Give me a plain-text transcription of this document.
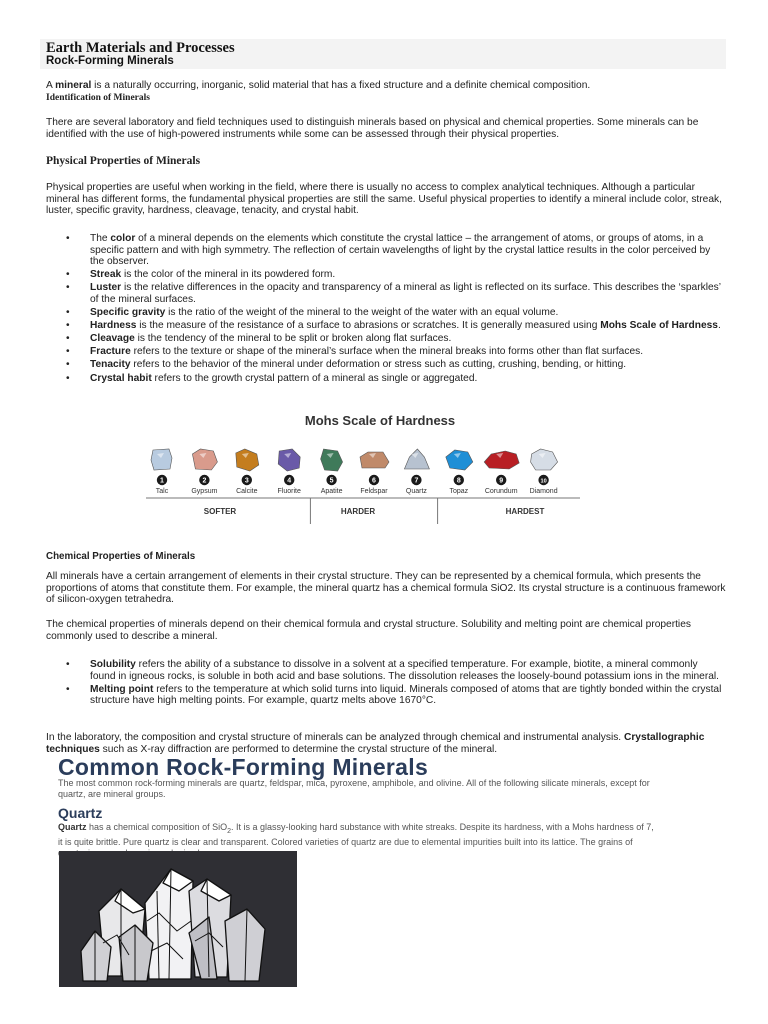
Earth Materials and Processes
Rock-Forming Minerals

A mineral is a naturally occurring, inorganic, solid material that has a fixed structure and a definite chemical composition.

Identification of Minerals

There are several laboratory and field techniques used to distinguish minerals based on physical and chemical properties. Some minerals can be identified with the use of high-powered instruments while some can be assessed through their physical properties.

Physical Properties of Minerals

Physical properties are useful when working in the field, where there is usually no access to complex analytical techniques. Although a particular mineral has different forms, the fundamental physical properties are still the same. Useful physical properties to identify a mineral include color, streak, luster, specific gravity, hardness, cleavage, tenacity, and crystal habit.

• The color of a mineral depends on the elements which constitute the crystal lattice – the arrangement of atoms, or groups of atoms, in a specific pattern and with high symmetry. The reflection of certain wavelengths of light by the crystal lattice results in the color perceived by the observer.
• Streak is the color of the mineral in its powdered form.
• Luster is the relative differences in the opacity and transparency of a mineral as light is reflected on its surface. This describes the ‘sparkles’ of the mineral surfaces.
• Specific gravity is the ratio of the weight of the mineral to the weight of the water with an equal volume.
• Hardness is the measure of the resistance of a surface to abrasions or scratches. It is generally measured using Mohs Scale of Hardness.
• Cleavage is the tendency of the mineral to be split or broken along flat surfaces.
• Fracture refers to the texture or shape of the mineral’s surface when the mineral breaks into forms other than flat surfaces.
• Tenacity refers to the behavior of the mineral under deformation or stress such as cutting, crushing, bending, or hitting.
• Crystal habit refers to the growth crystal pattern of a mineral as single or aggregated.
Mohs Scale of Hardness
1
Talc
2
Gypsum
3
Calcite
4
Fluorite
5
Apatite
6
Feldspar
7
Quartz
8
Topaz
9
Corundum
10
Diamond
SOFTER	HARDER	HARDEST
Chemical Properties of Minerals

All minerals have a certain arrangement of elements in their crystal structure. They can be represented by a chemical formula, which presents the proportions of atoms that constitute them. For example, the mineral quartz has a chemical formula SiO2. Its crystal structure is a continuous framework of silicon-oxygen tetrahedra.

The chemical properties of minerals depend on their chemical formula and crystal structure. Solubility and melting point are chemical properties commonly used to describe a mineral.

• Solubility refers the ability of a substance to dissolve in a solvent at a specified temperature. For example, biotite, a mineral commonly found in igneous rocks, is soluble in both acid and base solutions. The dissolution releases the loosely-bound potassium ions in the mineral.
• Melting point refers to the temperature at which solid turns into liquid. Minerals composed of atoms that are tightly bonded within the crystal structure have high melting points. For example, quartz melts above 1670°C.

In the laboratory, the composition and crystal structure of minerals can be analyzed through chemical and instrumental analysis. Crystallographic techniques such as X-ray diffraction are performed to determine the crystal structure of the mineral.

Common Rock-Forming Minerals
The most common rock-forming minerals are quartz, feldspar, mica, pyroxene, amphibole, and olivine. All of the following silicate minerals, except for quartz, are mineral groups.
Quartz
Quartz has a chemical composition of SiO$_2$. It is a glassy-looking hard substance with white streaks. Despite its hardness, with a Mohs hardness of 7, it is quite brittle. Pure quartz is clear and transparent. Colored varieties of quartz are due to elemental impurities built into its lattice. The grains of
